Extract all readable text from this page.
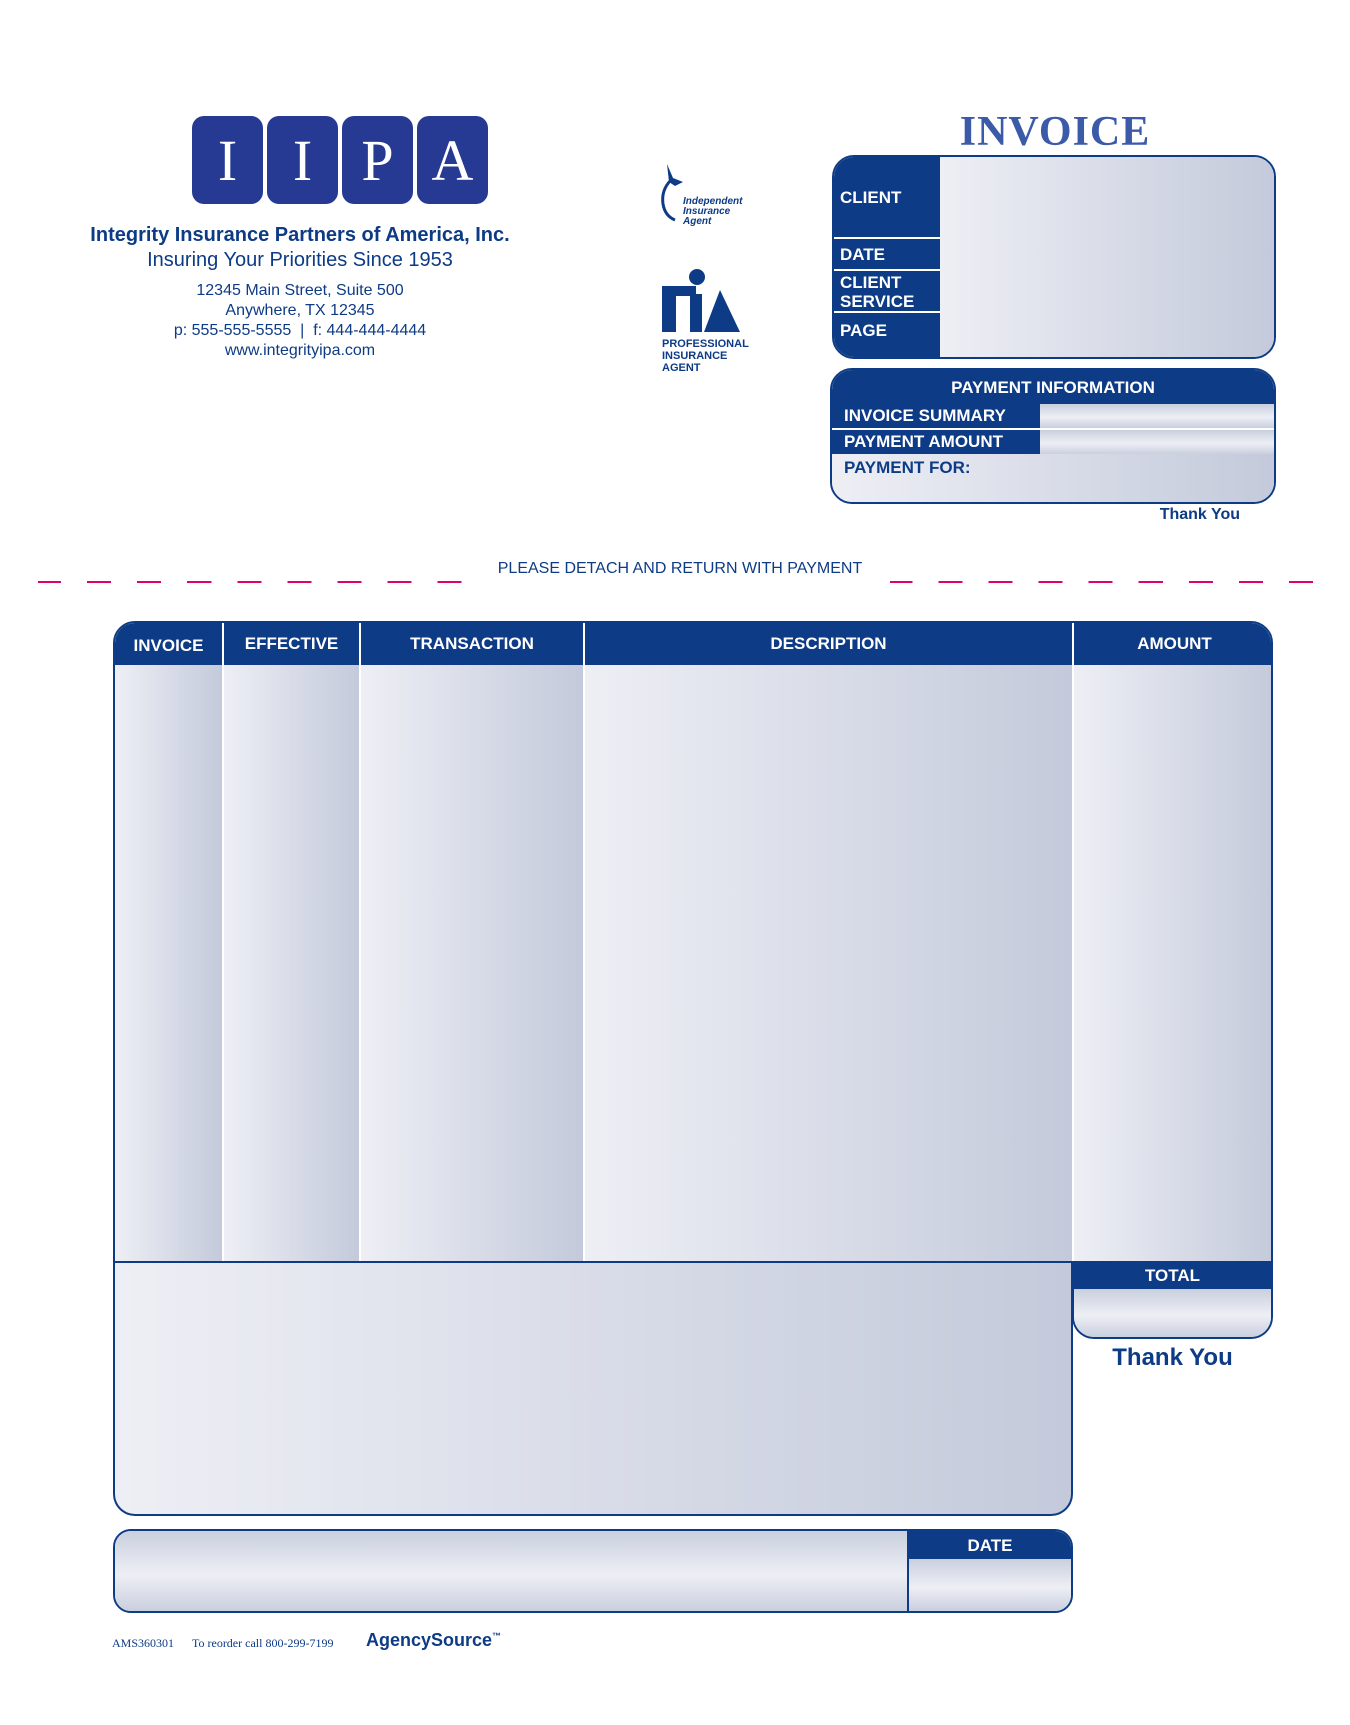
I I P A
Integrity Insurance Partners of America, Inc.
Insuring Your Priorities Since 1953
12345 Main Street, Suite 500
Anywhere, TX 12345
p: 555-555-5555  |  f: 444-444-4444
www.integrityipa.com
Independent Insurance Agent
PROFESSIONAL
INSURANCE
AGENT
INVOICE
CLIENT
DATE
CLIENT
SERVICE
PAGE
PAYMENT INFORMATION
INVOICE SUMMARY
PAYMENT AMOUNT
PAYMENT FOR:
Thank You
PLEASE DETACH AND RETURN WITH PAYMENT
INVOICE	EFFECTIVE	TRANSACTION	DESCRIPTION	AMOUNT
TOTAL
Thank You
DATE
AMS360301 To reorder call 800-299-7199 AgencySource™
